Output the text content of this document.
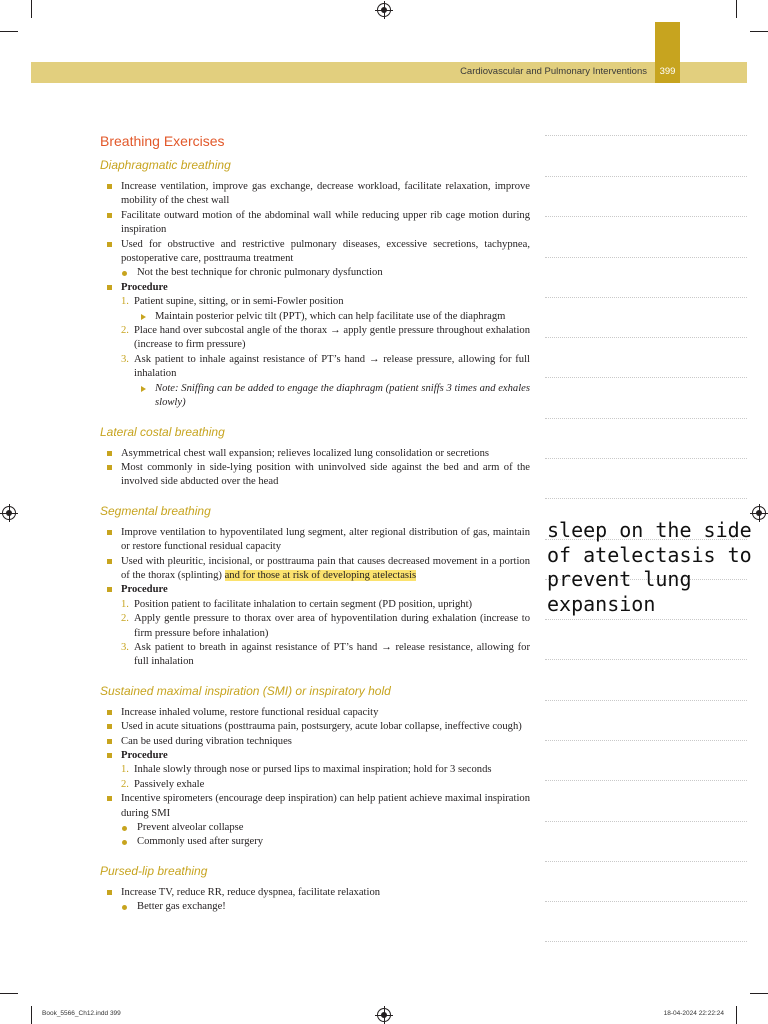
Cardiovascular and Pulmonary Interventions	399
Breathing Exercises
Diaphragmatic breathing
Increase ventilation, improve gas exchange, decrease workload, facilitate relaxation, improve mobility of the chest wall
Facilitate outward motion of the abdominal wall while reducing upper rib cage motion during inspiration
Used for obstructive and restrictive pulmonary diseases, excessive secretions, tachypnea, postoperative care, posttrauma treatment
Not the best technique for chronic pulmonary dysfunction
Procedure
1. Patient supine, sitting, or in semi-Fowler position
Maintain posterior pelvic tilt (PPT), which can help facilitate use of the diaphragm
2. Place hand over subcostal angle of the thorax → apply gentle pressure throughout exhalation (increase to firm pressure)
3. Ask patient to inhale against resistance of PT’s hand → release pressure, allowing for full inhalation
Note: Sniffing can be added to engage the diaphragm (patient sniffs 3 times and exhales slowly)
Lateral costal breathing
Asymmetrical chest wall expansion; relieves localized lung consolidation or secretions
Most commonly in side-lying position with uninvolved side against the bed and arm of the involved side abducted over the head
Segmental breathing
Improve ventilation to hypoventilated lung segment, alter regional distribution of gas, maintain or restore functional residual capacity
Used with pleuritic, incisional, or posttrauma pain that causes decreased movement in a portion of the thorax (splinting) and for those at risk of developing atelectasis
Procedure
1. Position patient to facilitate inhalation to certain segment (PD position, upright)
2. Apply gentle pressure to thorax over area of hypoventilation during exhalation (increase to firm pressure before inhalation)
3. Ask patient to breath in against resistance of PT’s hand → release resistance, allowing for full inhalation
Sustained maximal inspiration (SMI) or inspiratory hold
Increase inhaled volume, restore functional residual capacity
Used in acute situations (posttrauma pain, postsurgery, acute lobar collapse, ineffective cough)
Can be used during vibration techniques
Procedure
1. Inhale slowly through nose or pursed lips to maximal inspiration; hold for 3 seconds
2. Passively exhale
Incentive spirometers (encourage deep inspiration) can help patient achieve maximal inspiration during SMI
Prevent alveolar collapse
Commonly used after surgery
Pursed-lip breathing
Increase TV, reduce RR, reduce dyspnea, facilitate relaxation
Better gas exchange!
sleep on the side of atelectasis to prevent lung expansion
Book_5566_Ch12.indd 399	18-04-2024 22:22:24
